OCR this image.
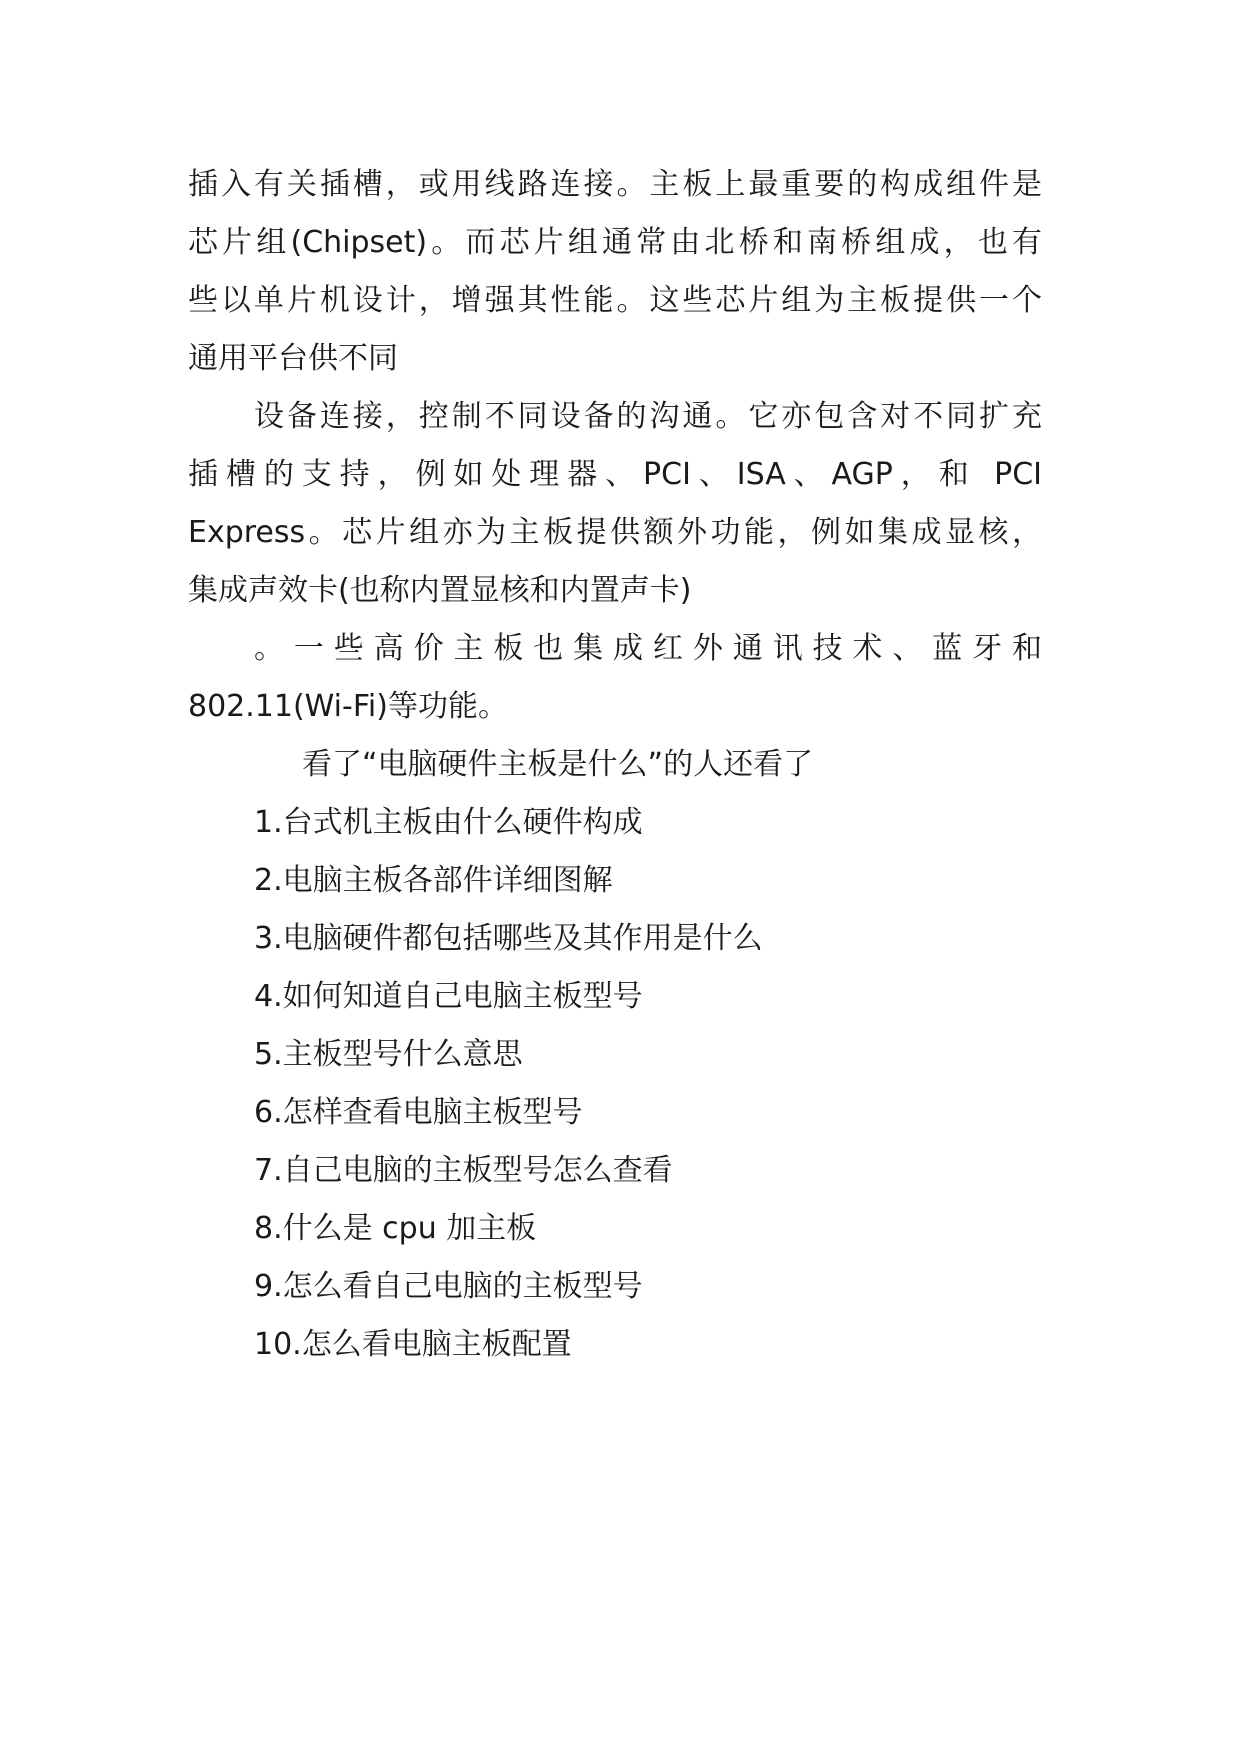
插入有关插槽，或用线路连接。主板上最重要的构成组件是
芯片组(Chipset)。而芯片组通常由北桥和南桥组成，也有
些以单片机设计，增强其性能。这些芯片组为主板提供一个
通用平台供不同
设备连接，控制不同设备的沟通。它亦包含对不同扩充
插槽的支持，例如处理器、PCI、ISA、AGP，和 PCI
Express。芯片组亦为主板提供额外功能，例如集成显核，
集成声效卡(也称内置显核和内置声卡)
。一些高价主板也集成红外通讯技术、蓝牙和
802.11(Wi-Fi)等功能。
看了“电脑硬件主板是什么”的人还看了
1.台式机主板由什么硬件构成
2.电脑主板各部件详细图解
3.电脑硬件都包括哪些及其作用是什么
4.如何知道自己电脑主板型号
5.主板型号什么意思
6.怎样查看电脑主板型号
7.自己电脑的主板型号怎么查看
8.什么是 cpu 加主板
9.怎么看自己电脑的主板型号
10.怎么看电脑主板配置
